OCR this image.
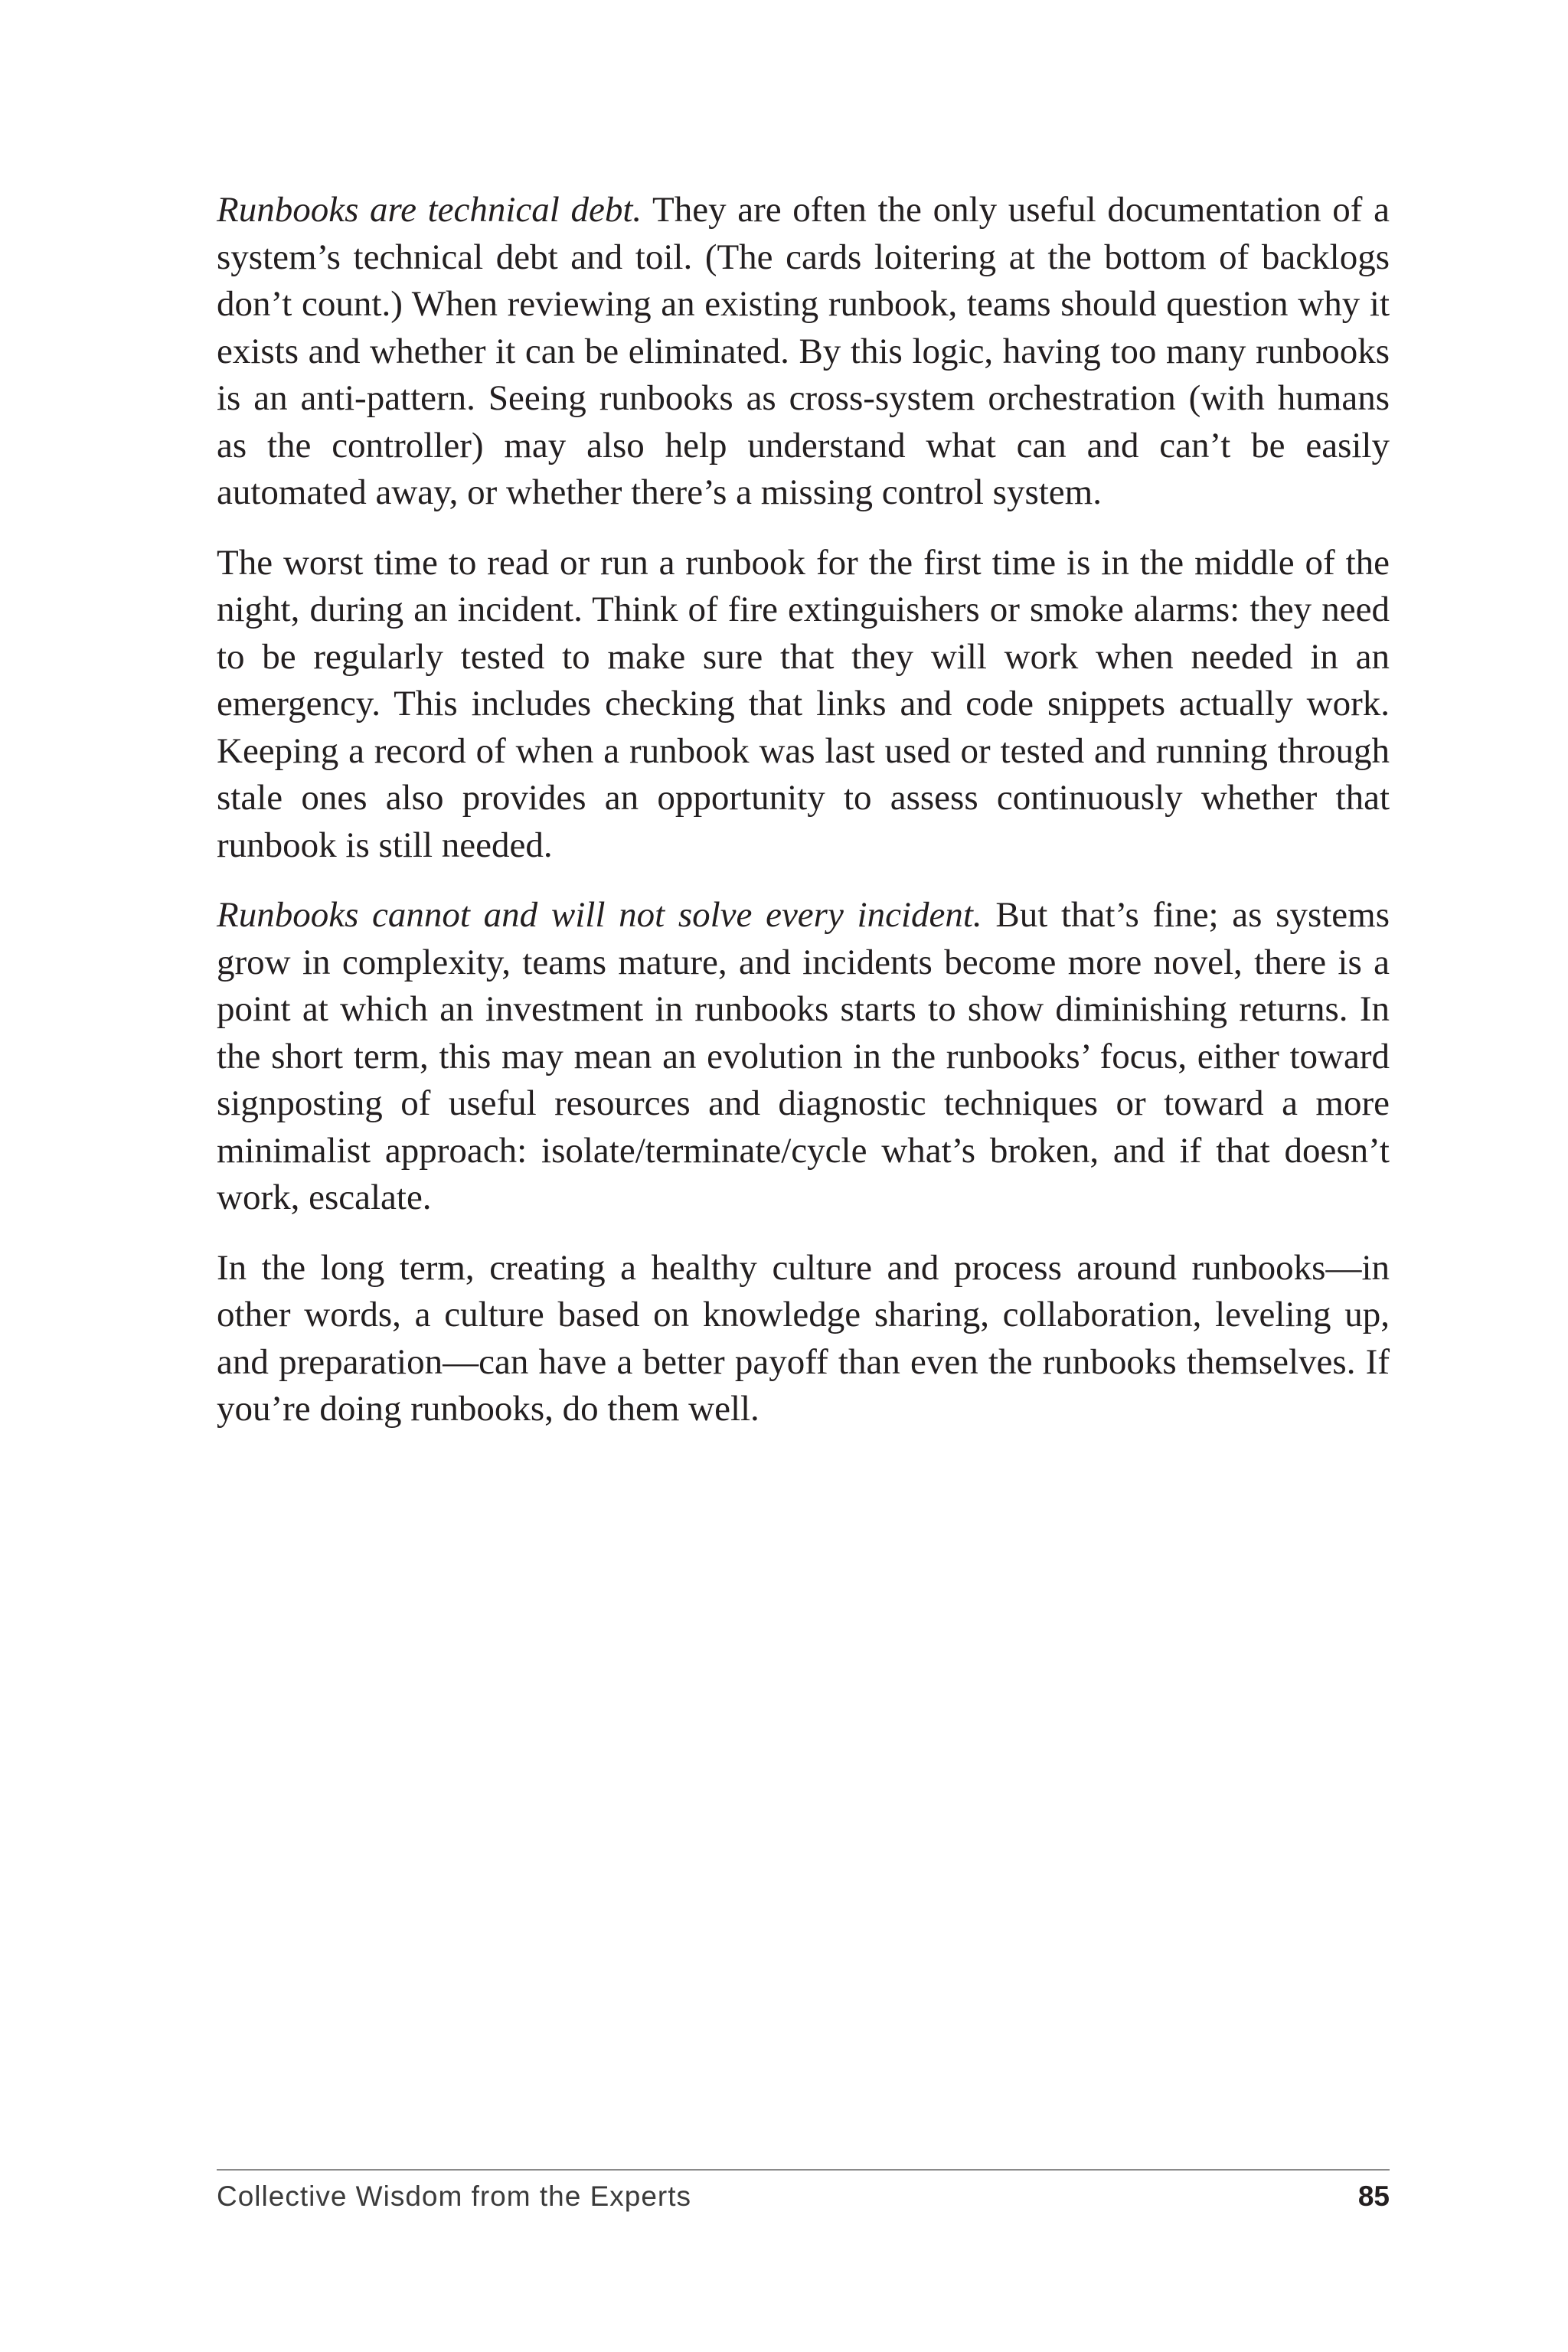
Runbooks are technical debt. They are often the only useful documentation of a system’s technical debt and toil. (The cards loitering at the bottom of backlogs don’t count.) When reviewing an existing runbook, teams should question why it exists and whether it can be eliminated. By this logic, having too many runbooks is an anti-pattern. Seeing runbooks as cross-system orchestration (with humans as the controller) may also help understand what can and can’t be easily automated away, or whether there’s a missing control system.

The worst time to read or run a runbook for the first time is in the middle of the night, during an incident. Think of fire extinguishers or smoke alarms: they need to be regularly tested to make sure that they will work when needed in an emergency. This includes checking that links and code snippets actually work. Keeping a record of when a runbook was last used or tested and running through stale ones also provides an opportunity to assess continuously whether that runbook is still needed.

Runbooks cannot and will not solve every incident. But that’s fine; as systems grow in complexity, teams mature, and incidents become more novel, there is a point at which an investment in runbooks starts to show diminishing returns. In the short term, this may mean an evolution in the runbooks’ focus, either toward signposting of useful resources and diagnostic techniques or toward a more minimalist approach: isolate/terminate/cycle what’s broken, and if that doesn’t work, escalate.

In the long term, creating a healthy culture and process around runbooks—in other words, a culture based on knowledge sharing, collaboration, leveling up, and preparation—can have a better payoff than even the runbooks themselves. If you’re doing runbooks, do them well.

Collective Wisdom from the Experts	85
